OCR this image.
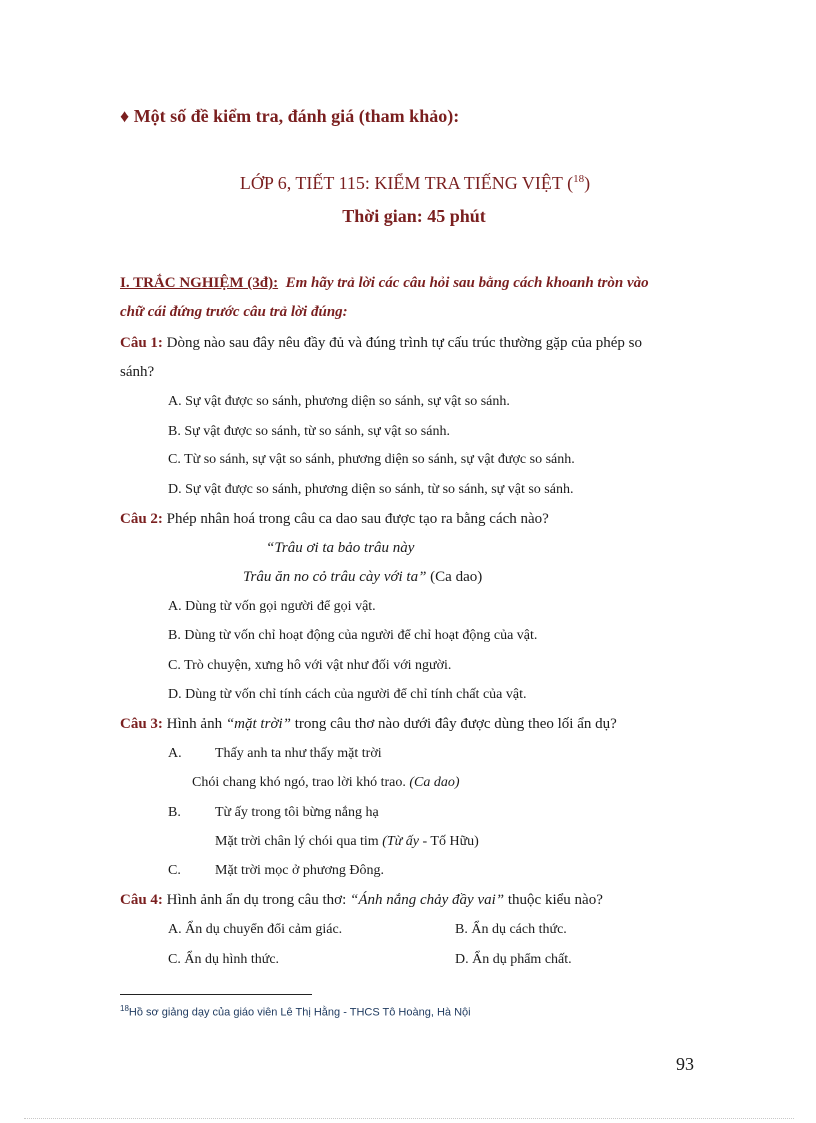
♦ Một số đề kiểm tra, đánh giá (tham khảo):
LỚP 6, TIẾT 115: KIỂM TRA TIẾNG VIỆT ($^{18}$)
Thời gian: 45 phút
I. TRẮC NGHIỆM (3đ): Em hãy trả lời các câu hỏi sau bằng cách khoanh tròn vào
chữ cái đứng trước câu trả lời đúng:
Câu 1: Dòng nào sau đây nêu đầy đủ và đúng trình tự cấu trúc thường gặp của phép so
sánh?
A. Sự vật được so sánh, phương diện so sánh, sự vật so sánh.
B. Sự vật được so sánh, từ so sánh, sự vật so sánh.
C. Từ so sánh, sự vật so sánh, phương diện so sánh, sự vật được so sánh.
D. Sự vật được so sánh, phương diện so sánh, từ so sánh, sự vật so sánh.
Câu 2: Phép nhân hoá trong câu ca dao sau được tạo ra bằng cách nào?
“Trâu ơi ta bảo trâu này
Trâu ăn no cỏ trâu cày với ta” (Ca dao)
A. Dùng từ vốn gọi người để gọi vật.
B. Dùng từ vốn chỉ hoạt động của người để chỉ hoạt động của vật.
C. Trò chuyện, xưng hô với vật như đối với người.
D. Dùng từ vốn chỉ tính cách của người để chỉ tính chất của vật.
Câu 3: Hình ảnh “mặt trời” trong câu thơ nào dưới đây được dùng theo lối ẩn dụ?
A. Thấy anh ta như thấy mặt trời
Chói chang khó ngó, trao lời khó trao. (Ca dao)
B. Từ ấy trong tôi bừng nắng hạ
Mặt trời chân lý chói qua tim (Từ ấy - Tố Hữu)
C. Mặt trời mọc ở phương Đông.
Câu 4: Hình ảnh ẩn dụ trong câu thơ: “Ánh nắng chảy đầy vai” thuộc kiểu nào?
A. Ẩn dụ chuyển đổi cảm giác.	B. Ẩn dụ cách thức.
C. Ẩn dụ hình thức.	D. Ẩn dụ phẩm chất.
$^{18}$Hồ sơ giảng dạy của giáo viên Lê Thị Hằng - THCS Tô Hoàng, Hà Nội
93
